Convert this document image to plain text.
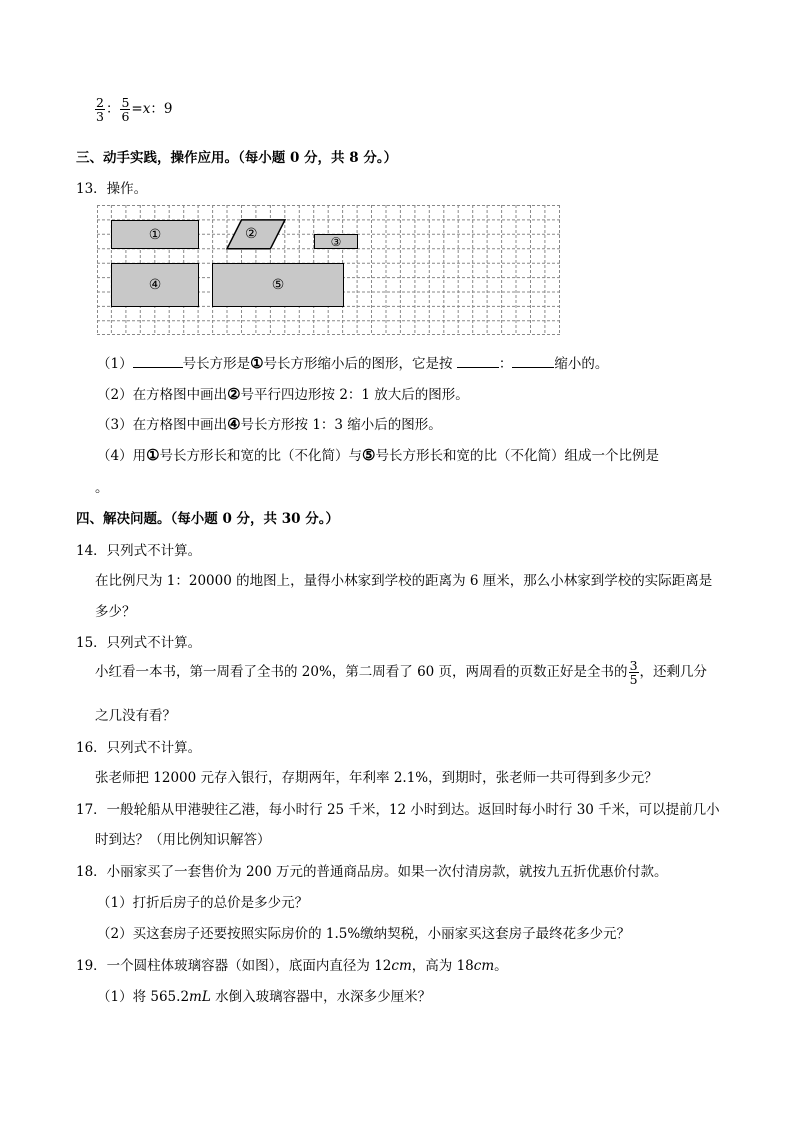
$\frac{2}{3}$ ： $\frac{5}{6} =x$：9
三、动手实践，操作应用。（每小题 0 分，共 8 分。）
13．操作。
①	②	③
④	⑤
（1）	号长方形是①号长方形缩小后的图形，它是按	：	缩小的。
（2）在方格图中画出②号平行四边形按 2：1 放大后的图形。
（3）在方格图中画出④号长方形按 1：3 缩小后的图形。
（4）用①号长方形长和宽的比（不化简）与⑤号长方形长和宽的比（不化简）组成一个比例是
。
四、解决问题。（每小题 0 分，共 30 分。）
14．只列式不计算。
在比例尺为 1：20000 的地图上，量得小林家到学校的距离为 6 厘米，那么小林家到学校的实际距离是
多少？
15．只列式不计算。
小红看一本书，第一周看了全书的 20%，第二周看了 60 页，两周看的页数正好是全书的 $\frac{3}{5}$ ，还剩几分
之几没有看？
16．只列式不计算。
张老师把 12000 元存入银行，存期两年，年利率 2.1%，到期时，张老师一共可得到多少元？
17．一般轮船从甲港驶往乙港，每小时行 25 千米，12 小时到达。返回时每小时行 30 千米，可以提前几小
时到达？（用比例知识解答）
18．小丽家买了一套售价为 200 万元的普通商品房。如果一次付清房款，就按九五折优惠价付款。
（1）打折后房子的总价是多少元？
（2）买这套房子还要按照实际房价的 1.5%缴纳契税，小丽家买这套房子最终花多少元？
19．一个圆柱体玻璃容器（如图），底面内直径为 12cm，高为 18cm。
（1）将 565.2mL 水倒入玻璃容器中，水深多少厘米？
